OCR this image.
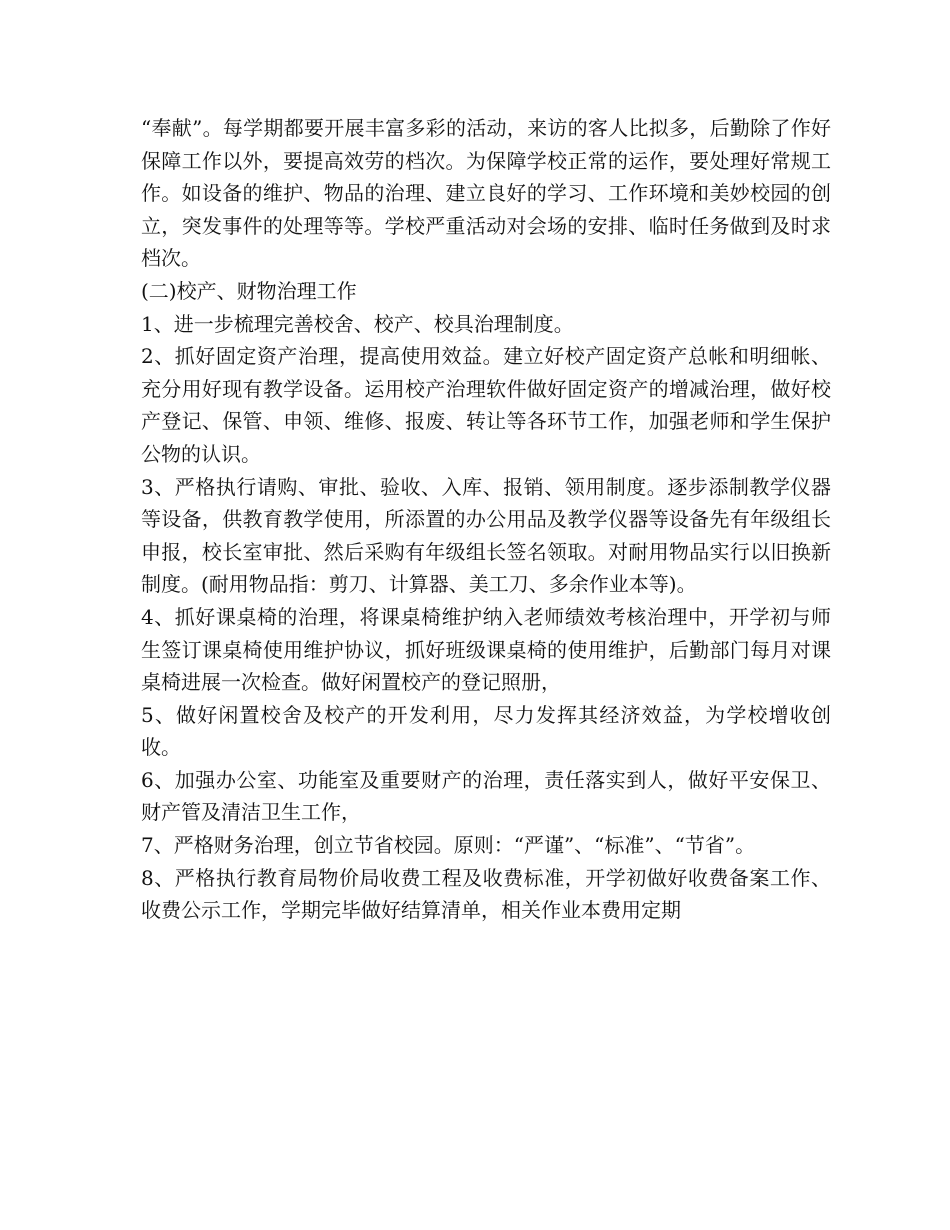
“奉献”。每学期都要开展丰富多彩的活动，来访的客人比拟多，后勤除了作好保障工作以外，要提高效劳的档次。为保障学校正常的运作，要处理好常规工作。如设备的维护、物品的治理、建立良好的学习、工作环境和美妙校园的创立，突发事件的处理等等。学校严重活动对会场的安排、临时任务做到及时求档次。

(二)校产、财物治理工作

1、进一步梳理完善校舍、校产、校具治理制度。

2、抓好固定资产治理，提高使用效益。建立好校产固定资产总帐和明细帐、充分用好现有教学设备。运用校产治理软件做好固定资产的增减治理，做好校产登记、保管、申领、维修、报废、转让等各环节工作，加强老师和学生保护公物的认识。

3、严格执行请购、审批、验收、入库、报销、领用制度。逐步添制教学仪器等设备，供教育教学使用，所添置的办公用品及教学仪器等设备先有年级组长申报，校长室审批、然后采购有年级组长签名领取。对耐用物品实行以旧换新制度。(耐用物品指：剪刀、计算器、美工刀、多余作业本等)。

4、抓好课桌椅的治理，将课桌椅维护纳入老师绩效考核治理中，开学初与师生签订课桌椅使用维护协议，抓好班级课桌椅的使用维护，后勤部门每月对课桌椅进展一次检查。做好闲置校产的登记照册，

5、做好闲置校舍及校产的开发利用，尽力发挥其经济效益，为学校增收创收。

6、加强办公室、功能室及重要财产的治理，责任落实到人，做好平安保卫、财产管及清洁卫生工作，

7、严格财务治理，创立节省校园。原则：“严谨”、“标准”、“节省”。

8、严格执行教育局物价局收费工程及收费标准，开学初做好收费备案工作、收费公示工作，学期完毕做好结算清单，相关作业本费用定期
